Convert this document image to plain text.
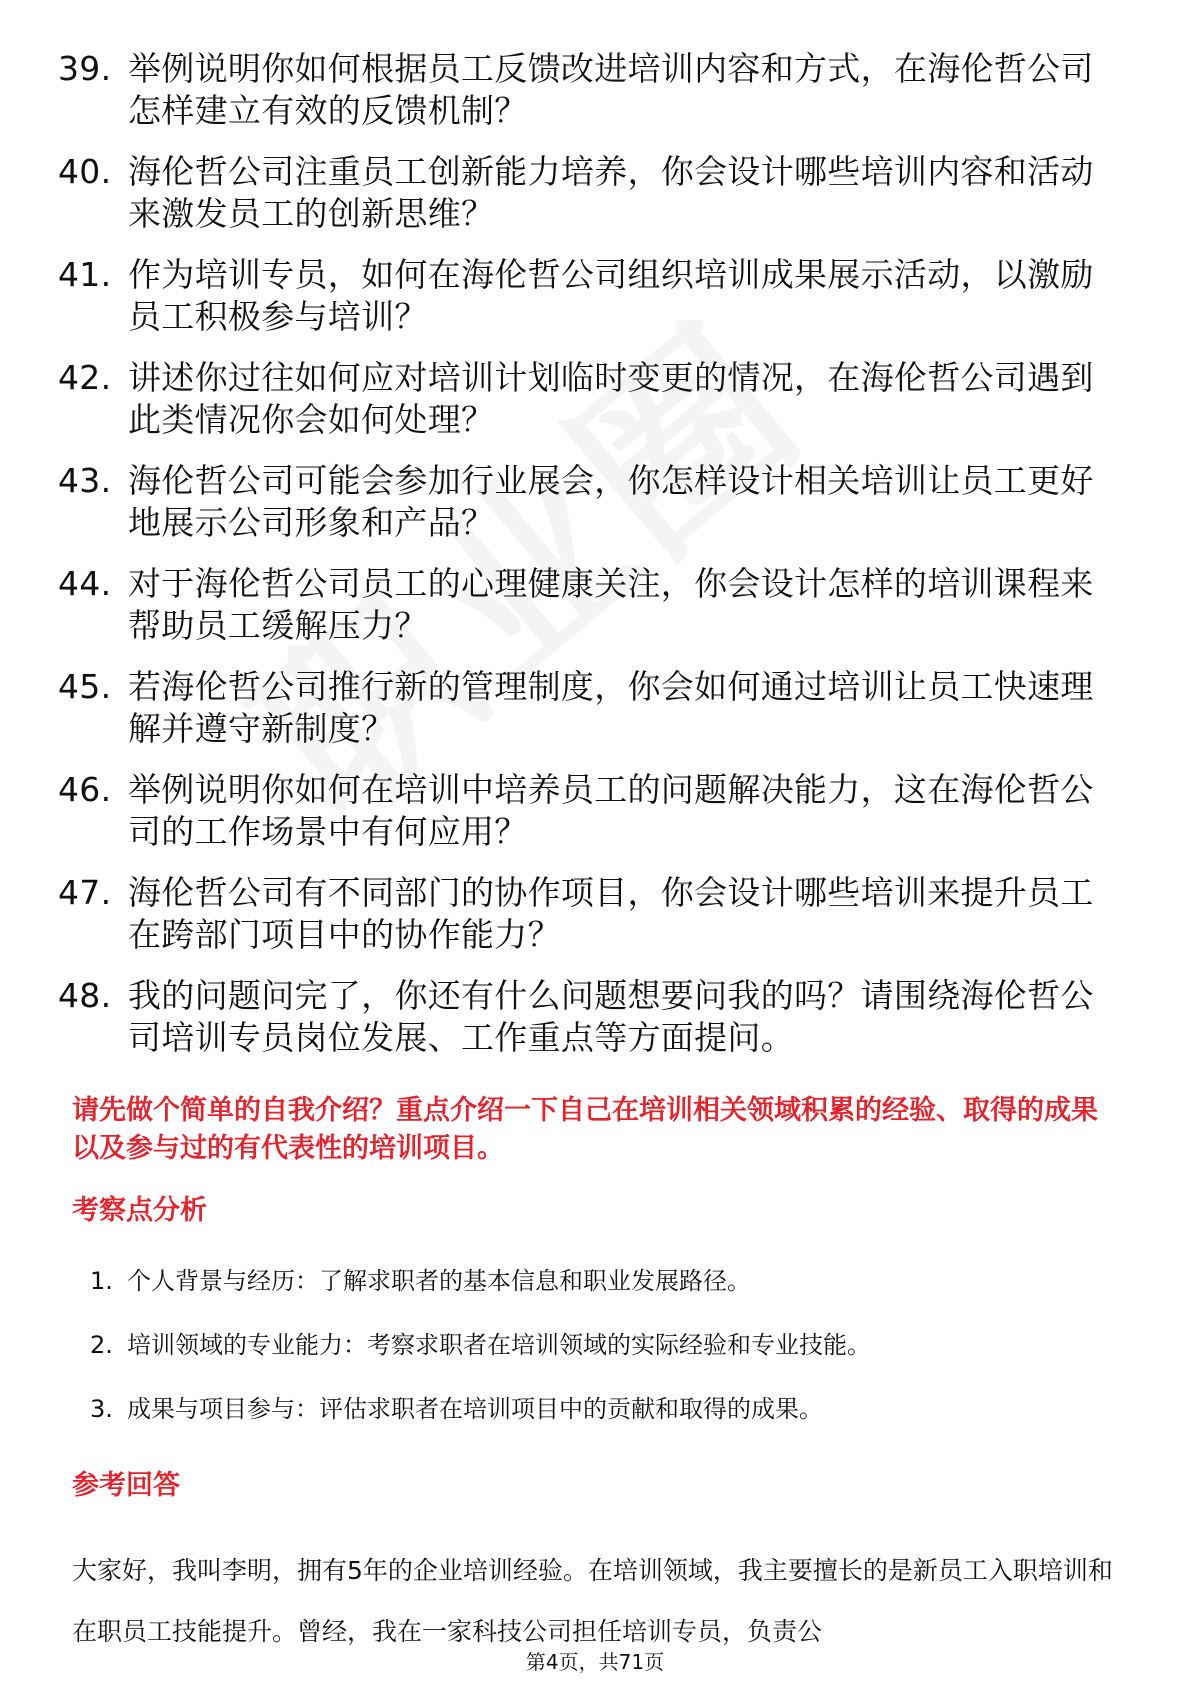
39. 举例说明你如何根据员工反馈改进培训内容和方式，在海伦哲公司怎样建立有效的反馈机制？
40. 海伦哲公司注重员工创新能力培养，你会设计哪些培训内容和活动来激发员工的创新思维？
41. 作为培训专员，如何在海伦哲公司组织培训成果展示活动，以激励员工积极参与培训？
42. 讲述你过往如何应对培训计划临时变更的情况，在海伦哲公司遇到此类情况你会如何处理？
43. 海伦哲公司可能会参加行业展会，你怎样设计相关培训让员工更好地展示公司形象和产品？
44. 对于海伦哲公司员工的心理健康关注，你会设计怎样的培训课程来帮助员工缓解压力？
45. 若海伦哲公司推行新的管理制度，你会如何通过培训让员工快速理解并遵守新制度？
46. 举例说明你如何在培训中培养员工的问题解决能力，这在海伦哲公司的工作场景中有何应用？
47. 海伦哲公司有不同部门的协作项目，你会设计哪些培训来提升员工在跨部门项目中的协作能力？
48. 我的问题问完了，你还有什么问题想要问我的吗？请围绕海伦哲公司培训专员岗位发展、工作重点等方面提问。
请先做个简单的自我介绍？重点介绍一下自己在培训相关领域积累的经验、取得的成果以及参与过的有代表性的培训项目。
考察点分析
1. 个人背景与经历：了解求职者的基本信息和职业发展路径。
2. 培训领域的专业能力：考察求职者在培训领域的实际经验和专业技能。
3. 成果与项目参与：评估求职者在培训项目中的贡献和取得的成果。
参考回答
大家好，我叫李明，拥有5年的企业培训经验。在培训领域，我主要擅长的是新员工入职培训和在职员工技能提升。曾经，我在一家科技公司担任培训专员，负责公
第4页，共71页
